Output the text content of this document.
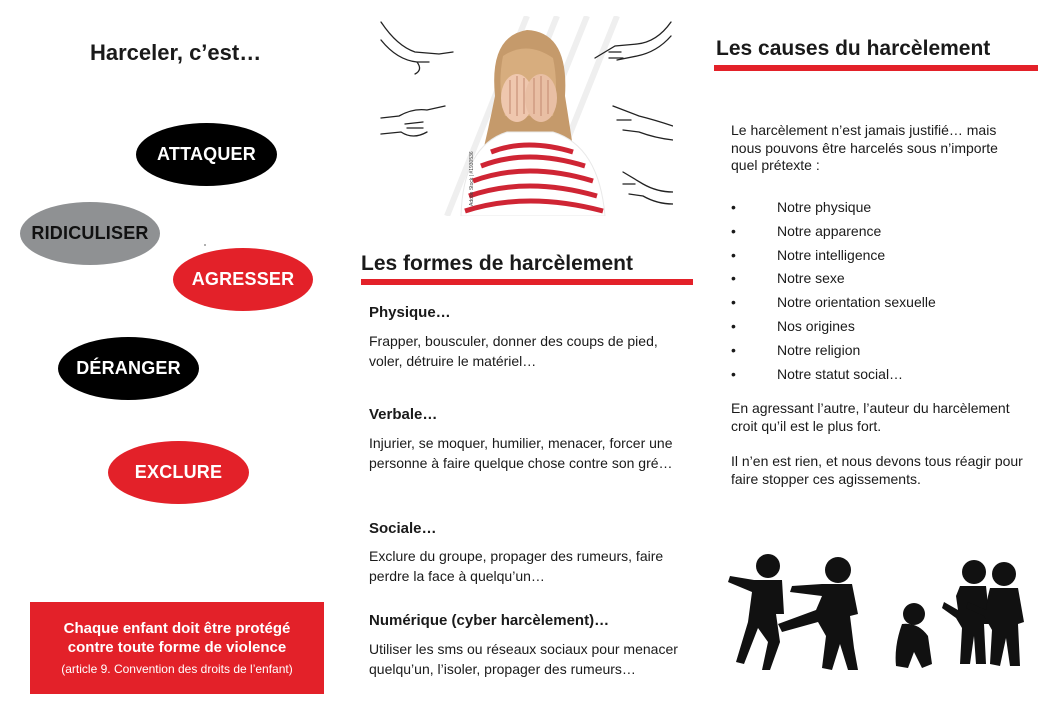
Harceler, c’est…
ATTAQUER
RIDICULISER
AGRESSER
DÉRANGER
EXCLURE
Chaque enfant doit être protégé
contre toute forme de violence
(article 9. Convention des droits de l’enfant)
Adobe Stock | #1930536
Les formes de harcèlement
Physique…
Frapper, bousculer, donner des coups de pied, voler, détruire le matériel…
Verbale…
Injurier, se moquer, humilier, menacer, forcer une personne à faire quelque chose contre son gré…
Sociale…
Exclure du groupe, propager des rumeurs, faire perdre la face à quelqu’un…
Numérique (cyber harcèlement)…
Utiliser les sms ou réseaux sociaux pour menacer quelqu’un, l’isoler, propager des rumeurs…
Les causes du harcèlement
Le harcèlement n’est jamais justifié… mais nous pouvons être harcelés sous n’importe quel prétexte :
•	Notre physique
•	Notre apparence
•	Notre intelligence
•	Notre sexe
•	Notre orientation sexuelle
•	Nos origines
•	Notre religion
•	Notre statut social…
En agressant l’autre, l’auteur du harcèlement croit qu’il est le plus fort.
Il n’en est rien, et nous devons tous réagir pour faire stopper ces agissements.
